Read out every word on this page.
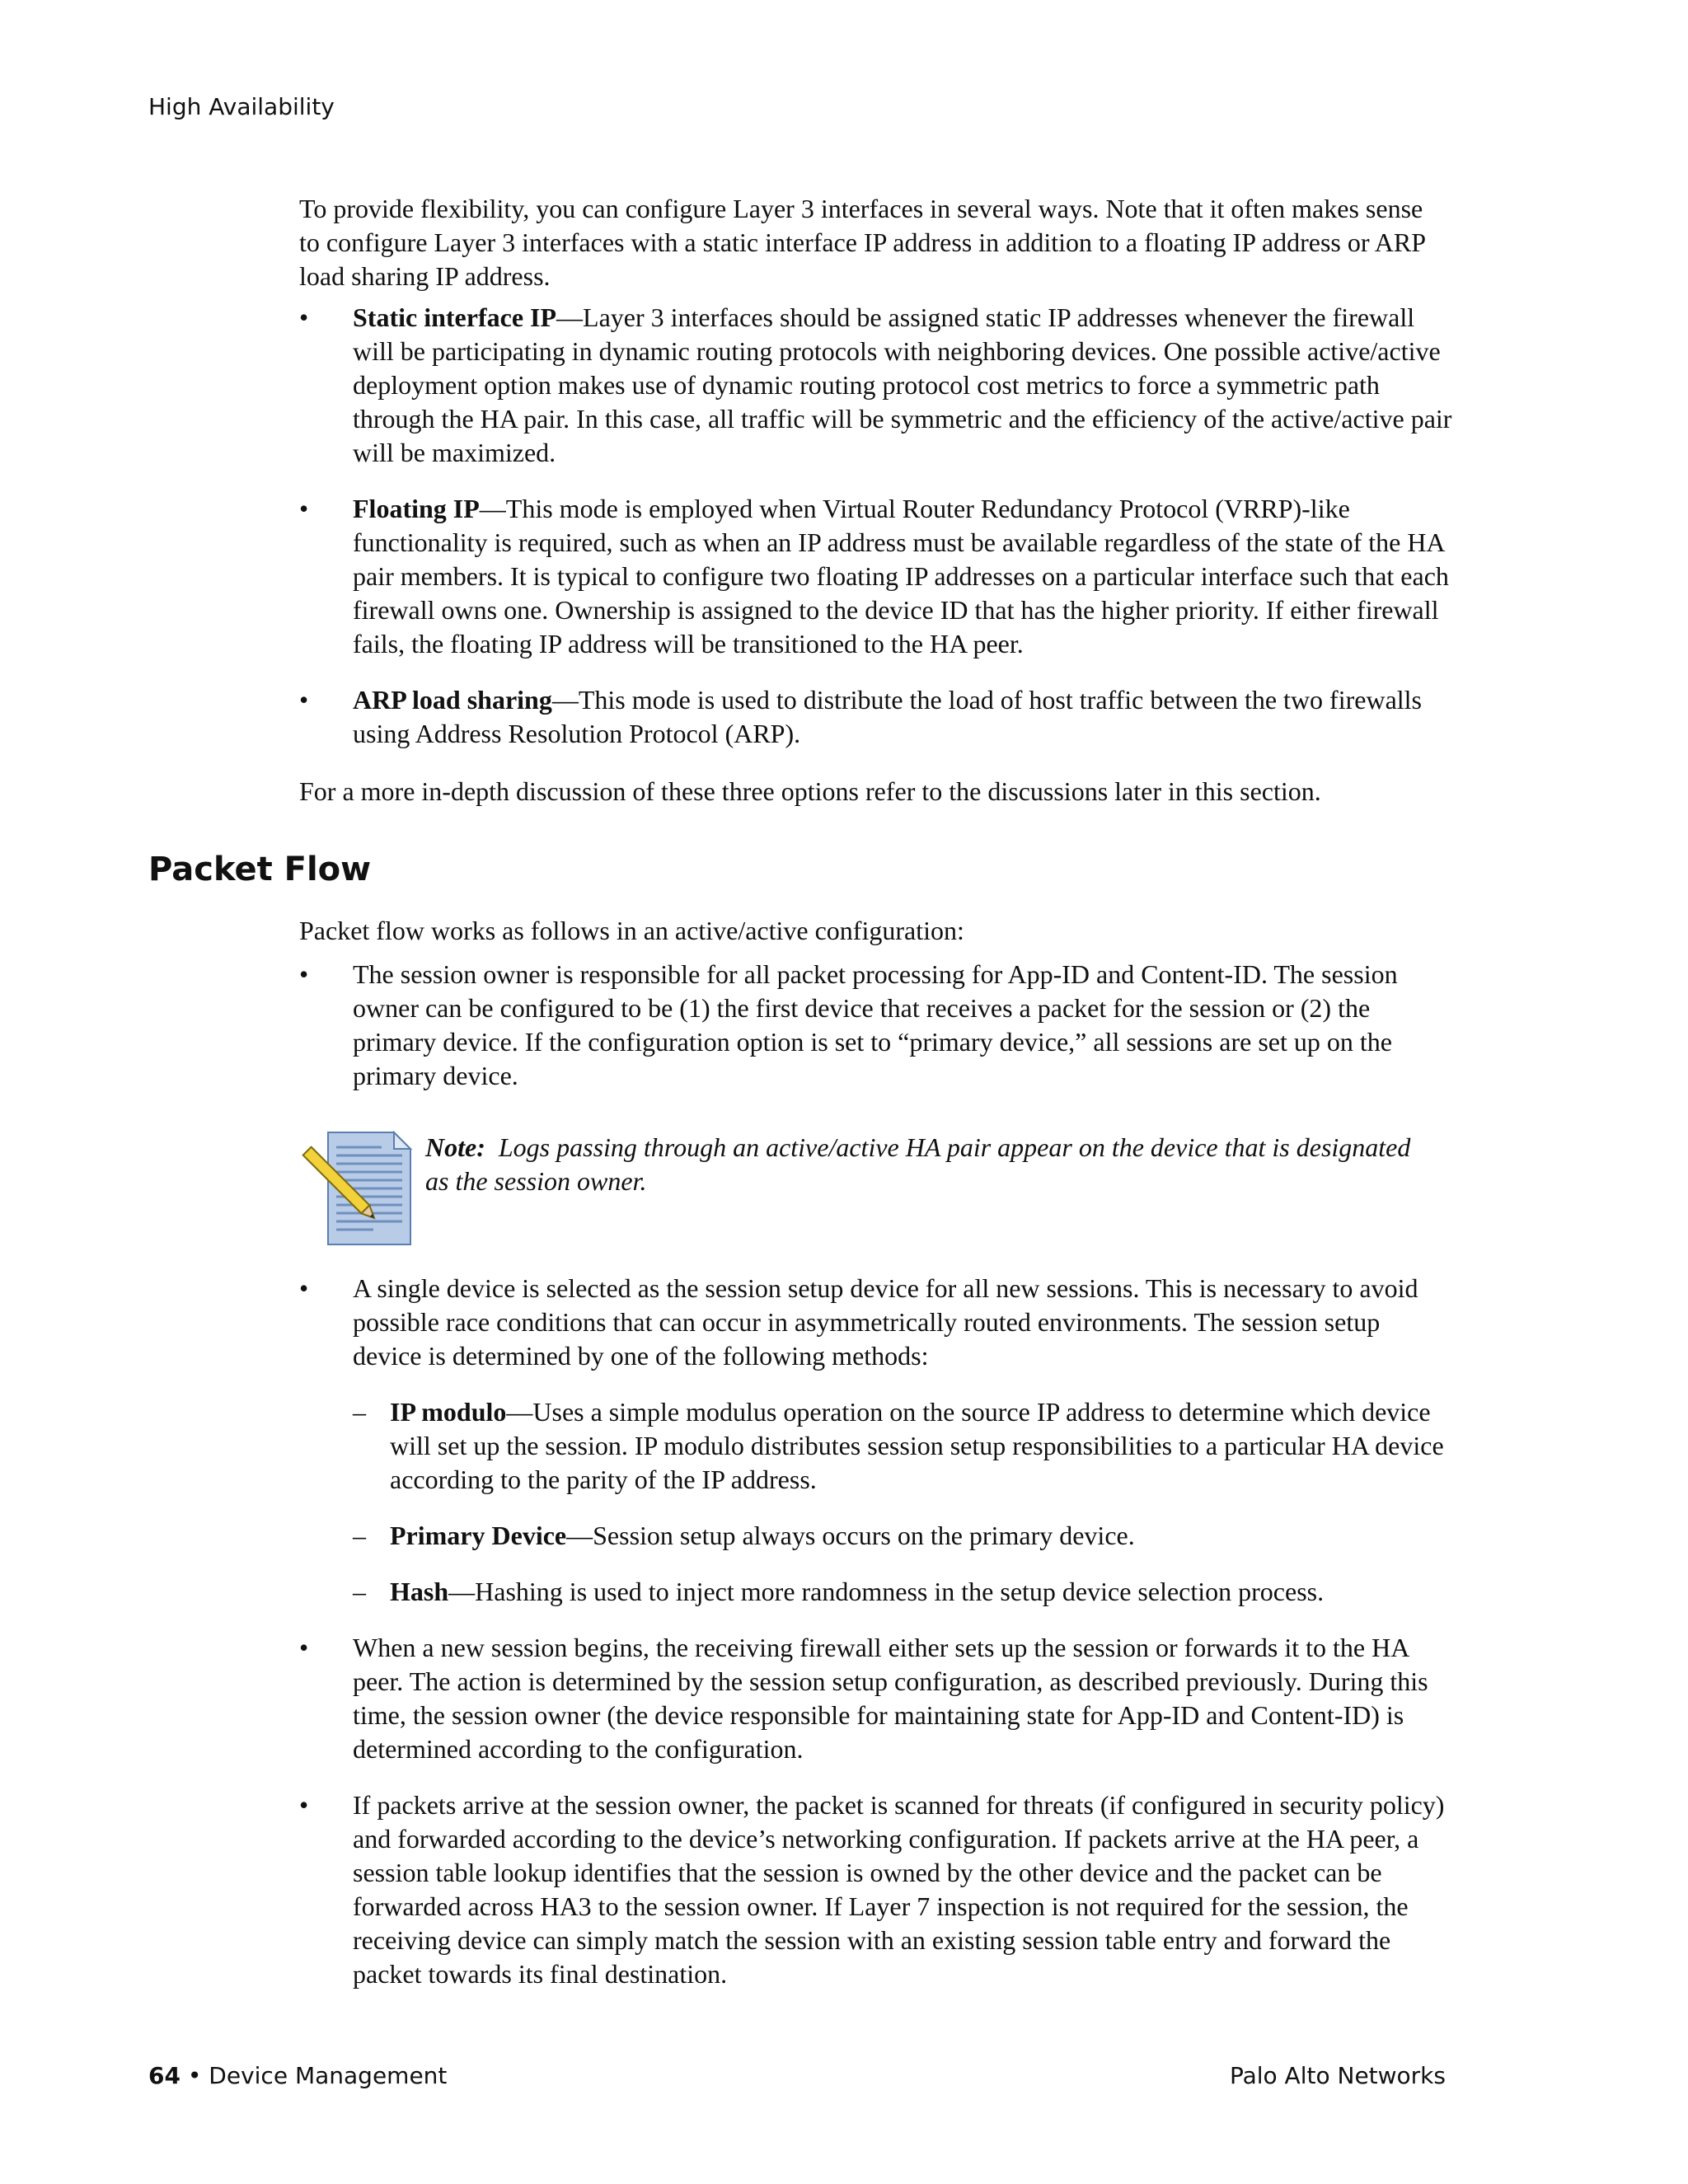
High Availability

To provide flexibility, you can configure Layer 3 interfaces in several ways. Note that it often makes sense to configure Layer 3 interfaces with a static interface IP address in addition to a floating IP address or ARP load sharing IP address.

•	Static interface IP—Layer 3 interfaces should be assigned static IP addresses whenever the firewall will be participating in dynamic routing protocols with neighboring devices. One possible active/active deployment option makes use of dynamic routing protocol cost metrics to force a symmetric path through the HA pair. In this case, all traffic will be symmetric and the efficiency of the active/active pair will be maximized.
•	Floating IP—This mode is employed when Virtual Router Redundancy Protocol (VRRP)-like functionality is required, such as when an IP address must be available regardless of the state of the HA pair members. It is typical to configure two floating IP addresses on a particular interface such that each firewall owns one. Ownership is assigned to the device ID that has the higher priority. If either firewall fails, the floating IP address will be transitioned to the HA peer.
•	ARP load sharing—This mode is used to distribute the load of host traffic between the two firewalls using Address Resolution Protocol (ARP).

For a more in-depth discussion of these three options refer to the discussions later in this section.

Packet Flow

Packet flow works as follows in an active/active configuration:

•	The session owner is responsible for all packet processing for App-ID and Content-ID. The session owner can be configured to be (1) the first device that receives a packet for the session or (2) the primary device. If the configuration option is set to “primary device,” all sessions are set up on the primary device.
Note: Logs passing through an active/active HA pair appear on the device that is designated as the session owner.
•	A single device is selected as the session setup device for all new sessions. This is necessary to avoid possible race conditions that can occur in asymmetrically routed environments. The session setup device is determined by one of the following methods:
– IP modulo—Uses a simple modulus operation on the source IP address to determine which device will set up the session. IP modulo distributes session setup responsibilities to a particular HA device according to the parity of the IP address.
– Primary Device—Session setup always occurs on the primary device.
– Hash—Hashing is used to inject more randomness in the setup device selection process.
•	When a new session begins, the receiving firewall either sets up the session or forwards it to the HA peer. The action is determined by the session setup configuration, as described previously. During this time, the session owner (the device responsible for maintaining state for App-ID and Content-ID) is determined according to the configuration.
•	If packets arrive at the session owner, the packet is scanned for threats (if configured in security policy) and forwarded according to the device’s networking configuration. If packets arrive at the HA peer, a session table lookup identifies that the session is owned by the other device and the packet can be forwarded across HA3 to the session owner. If Layer 7 inspection is not required for the session, the receiving device can simply match the session with an existing session table entry and forward the packet towards its final destination.
64 • Device Management	Palo Alto Networks
